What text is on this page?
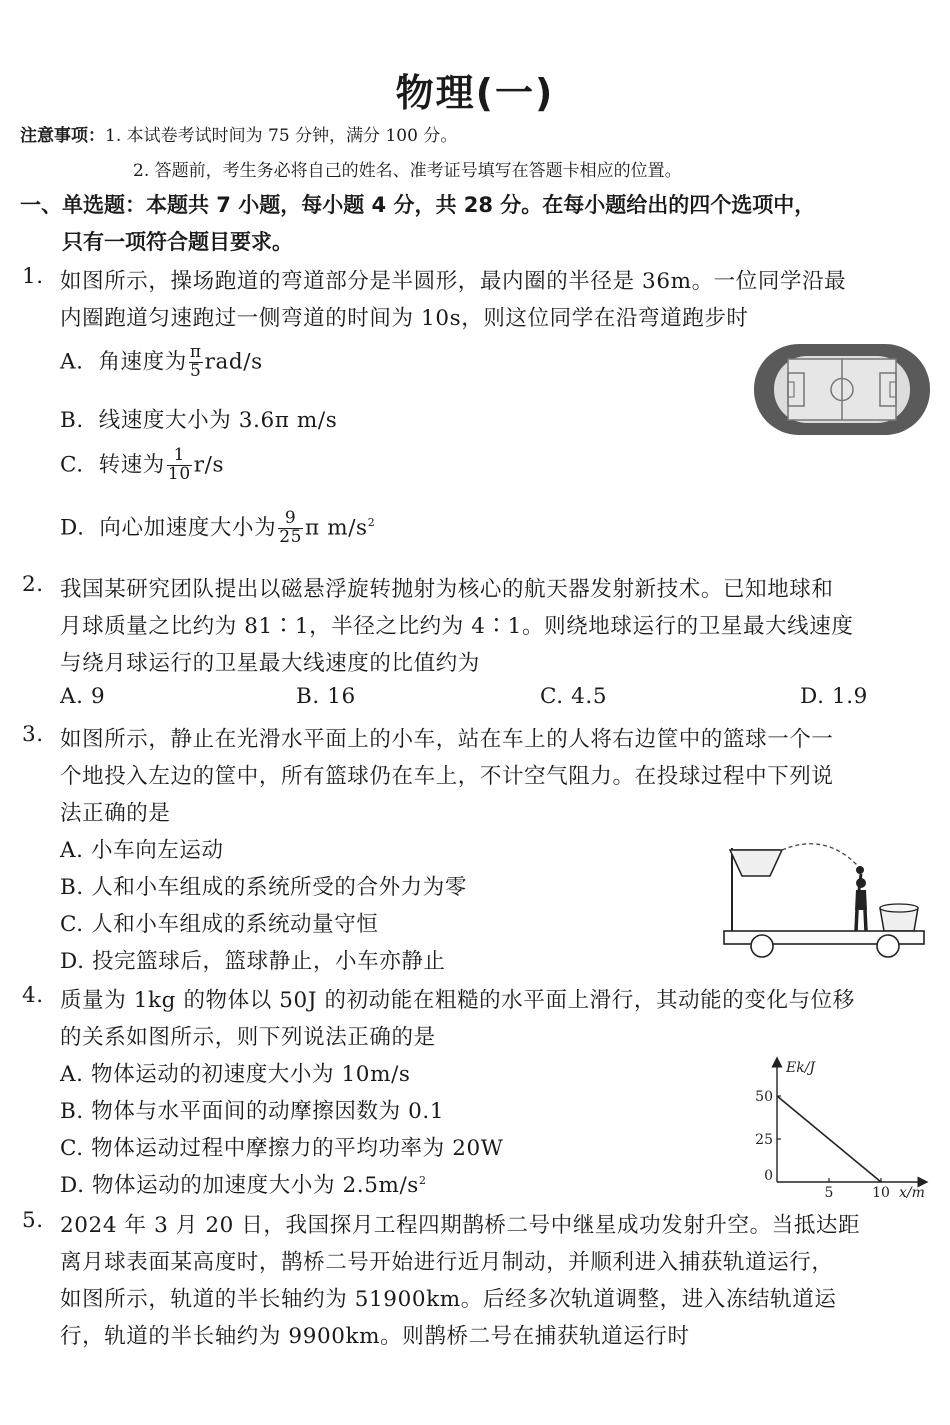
物理(一)
注意事项：1. 本试卷考试时间为 75 分钟，满分 100 分。
2. 答题前，考生务必将自己的姓名、准考证号填写在答题卡相应的位置。
一、单选题：本题共 7 小题，每小题 4 分，共 28 分。在每小题给出的四个选项中，
只有一项符合题目要求。
1. 如图所示，操场跑道的弯道部分是半圆形，最内圈的半径是 36m。一位同学沿最
内圈跑道匀速跑过一侧弯道的时间为 10s，则这位同学在沿弯道跑步时
A. 角速度为 $\frac{\pi}{5} rad/s$
B. 线速度大小为 3.6π m/s
C. 转速为 $\frac{1}{10} r/s$
D. 向心加速度大小为 $\frac{9}{25}$ π $m/s^2$
2. 我国某研究团队提出以磁悬浮旋转抛射为核心的航天器发射新技术。已知地球和
月球质量之比约为 81∶1，半径之比约为 4∶1。则绕地球运行的卫星最大线速度
与绕月球运行的卫星最大线速度的比值约为
A. 9	B. 16	C. 4.5	D. 1.9
3. 如图所示，静止在光滑水平面上的小车，站在车上的人将右边筐中的篮球一个一
个地投入左边的筐中，所有篮球仍在车上，不计空气阻力。在投球过程中下列说
法正确的是
A. 小车向左运动
B. 人和小车组成的系统所受的合外力为零
C. 人和小车组成的系统动量守恒
D. 投完篮球后，篮球静止，小车亦静止
4. 质量为 1kg 的物体以 50J 的初动能在粗糙的水平面上滑行，其动能的变化与位移
的关系如图所示，则下列说法正确的是
A. 物体运动的初速度大小为 10m/s
B. 物体与水平面间的动摩擦因数为 0.1
C. 物体运动过程中摩擦力的平均功率为 20W
D. 物体运动的加速度大小为 $2.5m/s^2$	0
25
50
5	10
Ek/J
x/m
5. 2024 年 3 月 20 日，我国探月工程四期鹊桥二号中继星成功发射升空。当抵达距
离月球表面某高度时，鹊桥二号开始进行近月制动，并顺利进入捕获轨道运行，
如图所示，轨道的半长轴约为 51900km。后经多次轨道调整，进入冻结轨道运
行，轨道的半长轴约为 9900km。则鹊桥二号在捕获轨道运行时
